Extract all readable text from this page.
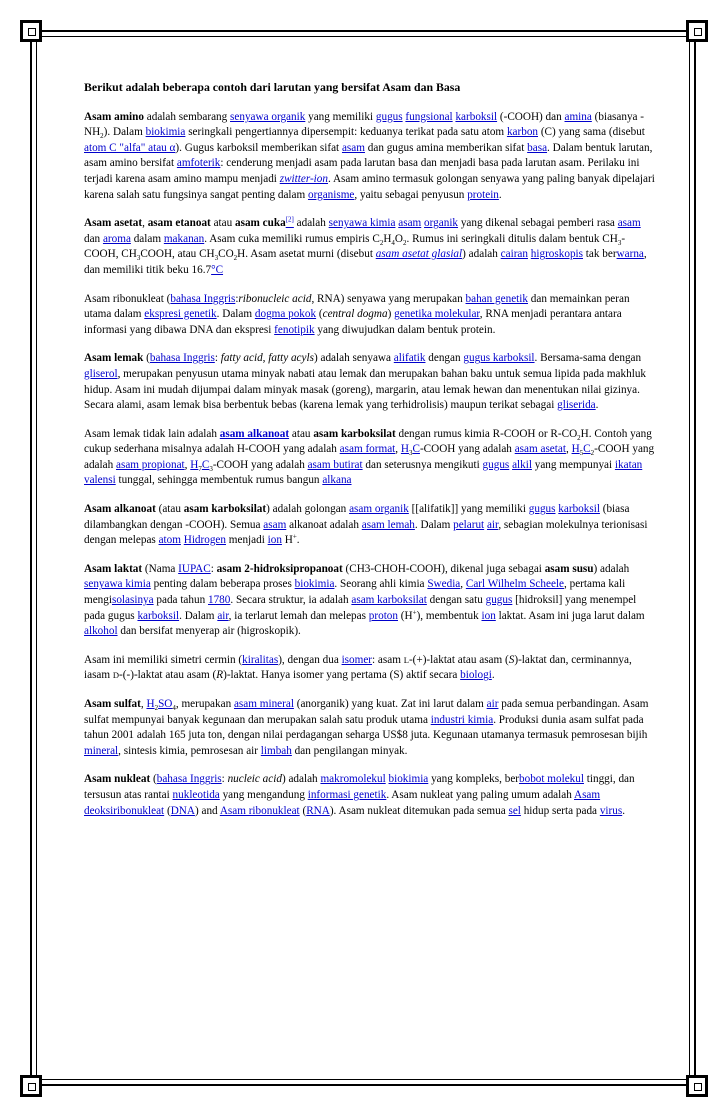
Berikut adalah beberapa contoh dari larutan yang bersifat Asam dan Basa

Asam amino adalah sembarang senyawa organik yang memiliki gugus fungsional karboksil (-COOH) dan amina (biasanya $-NH_2$). Dalam biokimia seringkali pengertiannya dipersempit: keduanya terikat pada satu atom karbon (C) yang sama (disebut atom C "alfa" atau α). Gugus karboksil memberikan sifat asam dan gugus amina memberikan sifat basa. Dalam bentuk larutan, asam amino bersifat amfoterik: cenderung menjadi asam pada larutan basa dan menjadi basa pada larutan asam. Perilaku ini terjadi karena asam amino mampu menjadi zwitter-ion. Asam amino termasuk golongan senyawa yang paling banyak dipelajari karena salah satu fungsinya sangat penting dalam organisme, yaitu sebagai penyusun protein.

Asam asetat, asam etanoat atau asam cuka[2] adalah senyawa kimia asam organik yang dikenal sebagai pemberi rasa asam dan aroma dalam makanan. Asam cuka memiliki rumus empiris $C_2H_4O_2$. Rumus ini seringkali ditulis dalam bentuk $CH_3$-COOH, $CH_3COOH$, atau $CH_3CO_2H$. Asam asetat murni (disebut asam asetat glasial) adalah cairan higroskopis tak berwarna, dan memiliki titik beku 16.7°C

Asam ribonukleat (bahasa Inggris:ribonucleic acid, RNA) senyawa yang merupakan bahan genetik dan memainkan peran utama dalam ekspresi genetik. Dalam dogma pokok (central dogma) genetika molekular, RNA menjadi perantara antara informasi yang dibawa DNA dan ekspresi fenotipik yang diwujudkan dalam bentuk protein.

Asam lemak (bahasa Inggris: fatty acid, fatty acyls) adalah senyawa alifatik dengan gugus karboksil. Bersama-sama dengan gliserol, merupakan penyusun utama minyak nabati atau lemak dan merupakan bahan baku untuk semua lipida pada makhluk hidup. Asam ini mudah dijumpai dalam minyak masak (goreng), margarin, atau lemak hewan dan menentukan nilai gizinya. Secara alami, asam lemak bisa berbentuk bebas (karena lemak yang terhidrolisis) maupun terikat sebagai gliserida.

Asam lemak tidak lain adalah asam alkanoat atau asam karboksilat dengan rumus kimia R-COOH or $R-CO_2H$. Contoh yang cukup sederhana misalnya adalah H-COOH yang adalah asam format, $H_3C$-COOH yang adalah asam asetat, $H_5C_2$-COOH yang adalah asam propionat, $H_7C_3$-COOH yang adalah asam butirat dan seterusnya mengikuti gugus alkil yang mempunyai ikatan valensi tunggal, sehingga membentuk rumus bangun alkana

Asam alkanoat (atau asam karboksilat) adalah golongan asam organik [[alifatik]] yang memiliki gugus karboksil (biasa dilambangkan dengan -COOH). Semua asam alkanoat adalah asam lemah. Dalam pelarut air, sebagian molekulnya terionisasi dengan melepas atom Hidrogen menjadi ion H+.

Asam laktat (Nama IUPAC: asam 2-hidroksipropanoat (CH3-CHOH-COOH), dikenal juga sebagai asam susu) adalah senyawa kimia penting dalam beberapa proses biokimia. Seorang ahli kimia Swedia, Carl Wilhelm Scheele, pertama kali mengisolasinya pada tahun 1780. Secara struktur, ia adalah asam karboksilat dengan satu gugus [hidroksil] yang menempel pada gugus karboksil. Dalam air, ia terlarut lemah dan melepas proton (H+), membentuk ion laktat. Asam ini juga larut dalam alkohol dan bersifat menyerap air (higroskopik).

Asam ini memiliki simetri cermin (kiralitas), dengan dua isomer: asam L-(+)-laktat atau asam (S)-laktat dan, cerminannya, iasam D-(-)-laktat atau asam (R)-laktat. Hanya isomer yang pertama (S) aktif secara biologi.

Asam sulfat, $H_2SO_4$, merupakan asam mineral (anorganik) yang kuat. Zat ini larut dalam air pada semua perbandingan. Asam sulfat mempunyai banyak kegunaan dan merupakan salah satu produk utama industri kimia. Produksi dunia asam sulfat pada tahun 2001 adalah 165 juta ton, dengan nilai perdagangan seharga US$8 juta. Kegunaan utamanya termasuk pemrosesan bijih mineral, sintesis kimia, pemrosesan air limbah dan pengilangan minyak.

Asam nukleat (bahasa Inggris: nucleic acid) adalah makromolekul biokimia yang kompleks, berbobot molekul tinggi, dan tersusun atas rantai nukleotida yang mengandung informasi genetik. Asam nukleat yang paling umum adalah Asam deoksiribonukleat (DNA) and Asam ribonukleat (RNA). Asam nukleat ditemukan pada semua sel hidup serta pada virus.
